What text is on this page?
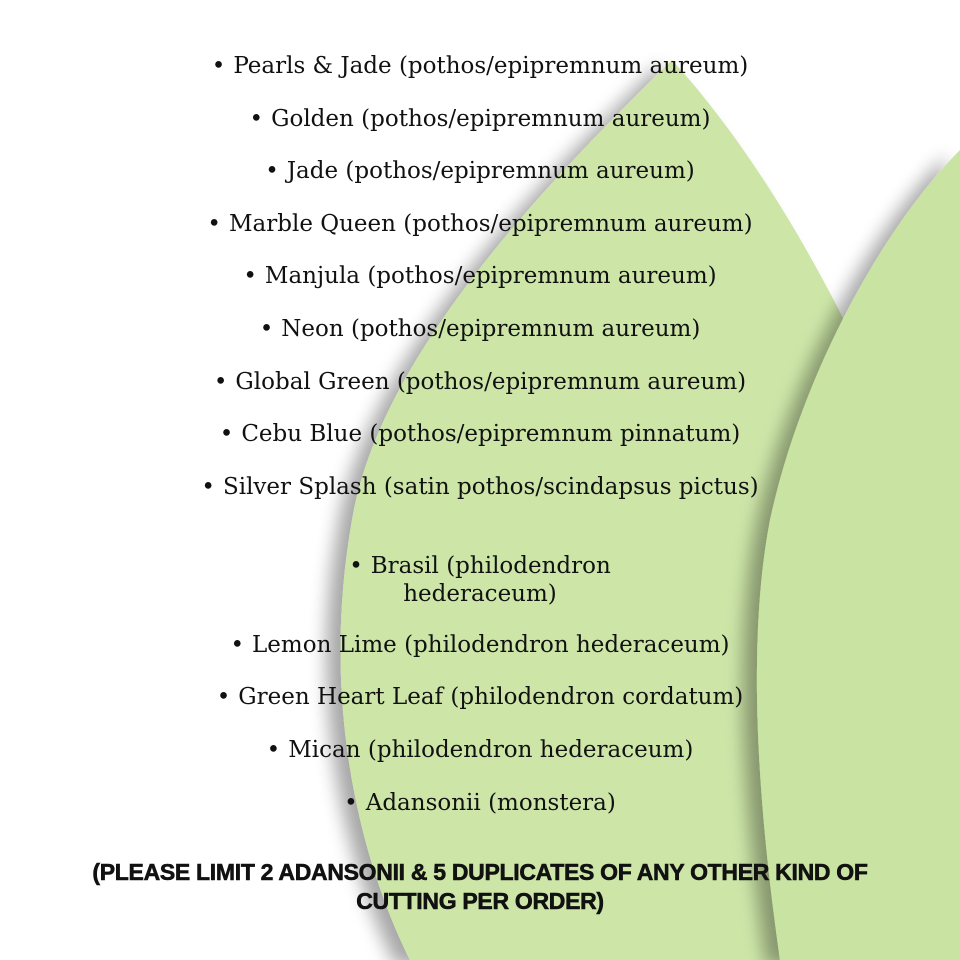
• Pearls & Jade (pothos/epipremnum aureum)
• Golden (pothos/epipremnum aureum)
• Jade (pothos/epipremnum aureum)
• Marble Queen (pothos/epipremnum aureum)
• Manjula (pothos/epipremnum aureum)
• Neon (pothos/epipremnum aureum)
• Global Green (pothos/epipremnum aureum)
• Cebu Blue (pothos/epipremnum pinnatum)
• Silver Splash (satin pothos/scindapsus pictus)
• Brasil (philodendron hederaceum)
• Lemon Lime (philodendron hederaceum)
• Green Heart Leaf (philodendron cordatum)
• Mican (philodendron hederaceum)
• Adansonii (monstera)

(PLEASE LIMIT 2 ADANSONII & 5 DUPLICATES OF ANY OTHER KIND OF CUTTING PER ORDER)
